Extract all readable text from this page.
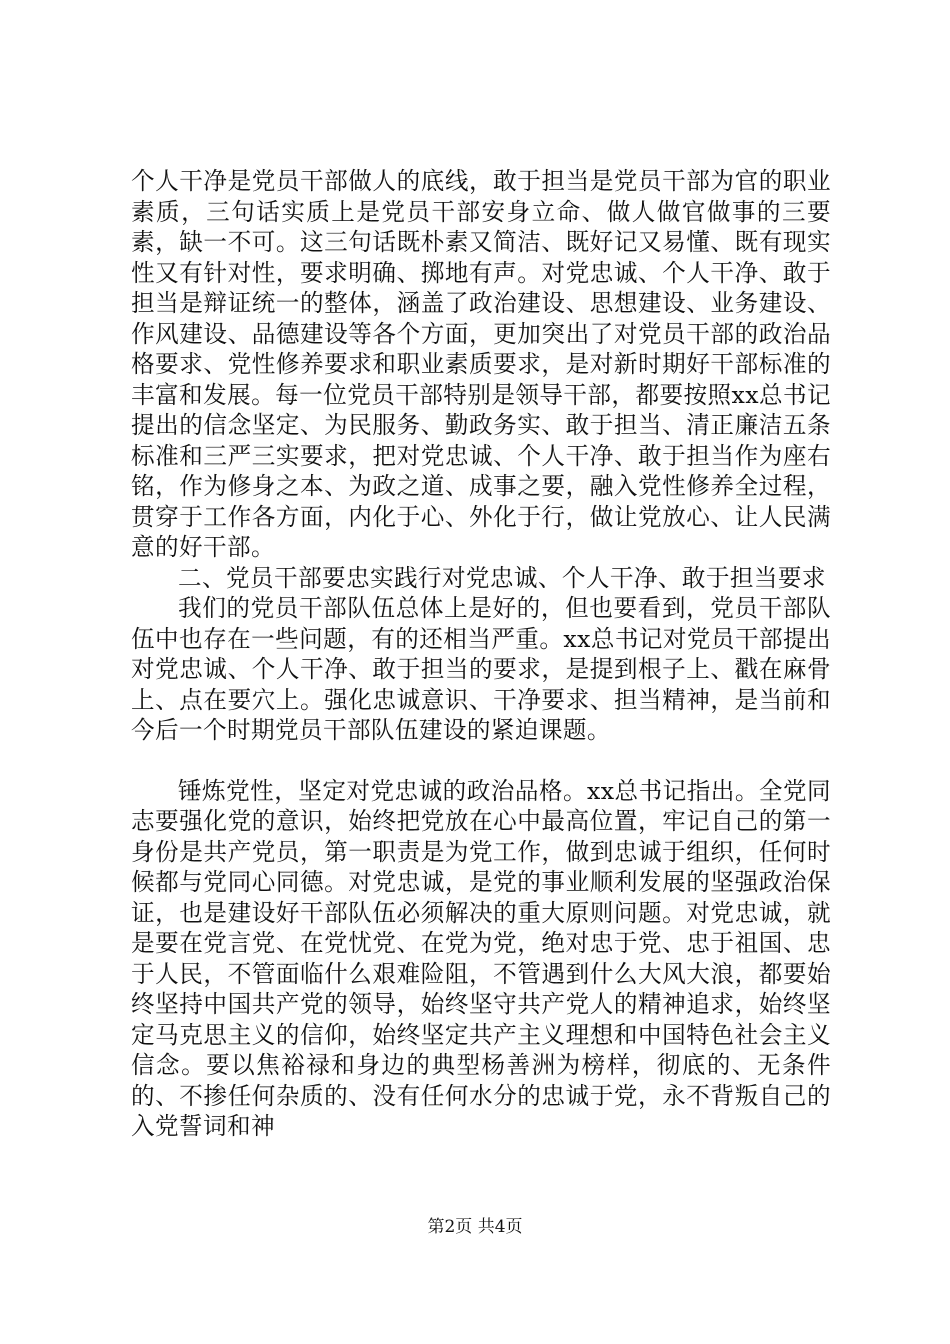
个人干净是党员干部做人的底线，敢于担当是党员干部为官的职业素质，三句话实质上是党员干部安身立命、做人做官做事的三要素，缺一不可。这三句话既朴素又简洁、既好记又易懂、既有现实性又有针对性，要求明确、掷地有声。对党忠诚、个人干净、敢于担当是辩证统一的整体，涵盖了政治建设、思想建设、业务建设、作风建设、品德建设等各个方面，更加突出了对党员干部的政治品格要求、党性修养要求和职业素质要求，是对新时期好干部标准的丰富和发展。每一位党员干部特别是领导干部，都要按照xx总书记提出的信念坚定、为民服务、勤政务实、敢于担当、清正廉洁五条标准和三严三实要求，把对党忠诚、个人干净、敢于担当作为座右铭，作为修身之本、为政之道、成事之要，融入党性修养全过程，贯穿于工作各方面，内化于心、外化于行，做让党放心、让人民满意的好干部。

二、党员干部要忠实践行对党忠诚、个人干净、敢于担当要求

我们的党员干部队伍总体上是好的，但也要看到，党员干部队伍中也存在一些问题，有的还相当严重。xx总书记对党员干部提出对党忠诚、个人干净、敢于担当的要求，是提到根子上、戳在麻骨上、点在要穴上。强化忠诚意识、干净要求、担当精神，是当前和今后一个时期党员干部队伍建设的紧迫课题。

锤炼党性，坚定对党忠诚的政治品格。xx总书记指出。全党同志要强化党的意识，始终把党放在心中最高位置，牢记自己的第一身份是共产党员，第一职责是为党工作，做到忠诚于组织，任何时候都与党同心同德。对党忠诚，是党的事业顺利发展的坚强政治保证，也是建设好干部队伍必须解决的重大原则问题。对党忠诚，就是要在党言党、在党忧党、在党为党，绝对忠于党、忠于祖国、忠于人民，不管面临什么艰难险阻，不管遇到什么大风大浪，都要始终坚持中国共产党的领导，始终坚守共产党人的精神追求，始终坚定马克思主义的信仰，始终坚定共产主义理想和中国特色社会主义信念。要以焦裕禄和身边的典型杨善洲为榜样，彻底的、无条件的、不掺任何杂质的、没有任何水分的忠诚于党，永不背叛自己的入党誓词和神

第2页 共4页
